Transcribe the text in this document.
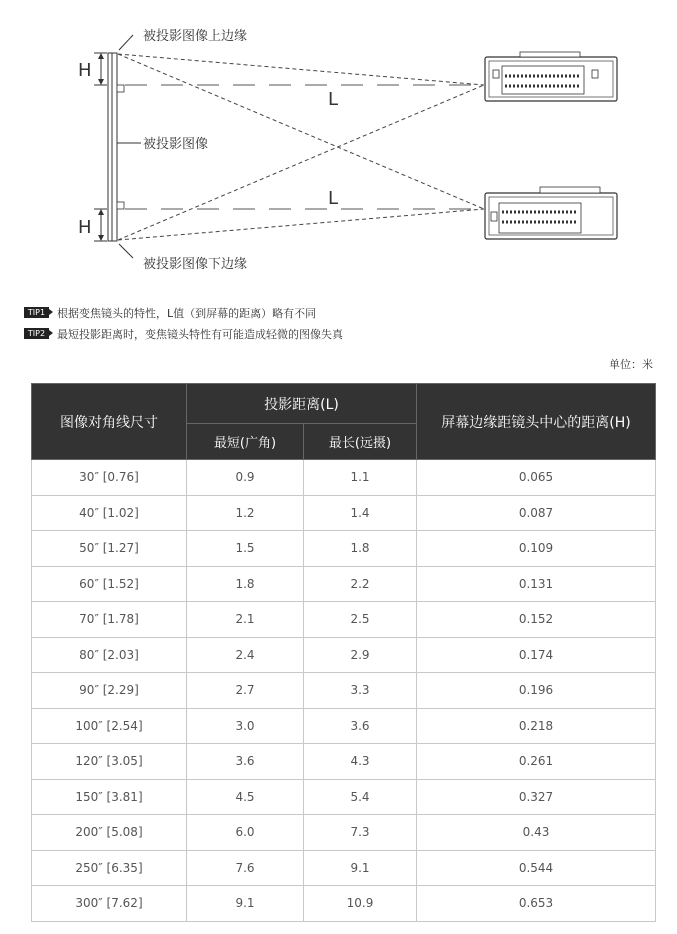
H
H
被投影图像上边缘
被投影图像
被投影图像下边缘
L
L
TIP1	根据变焦镜头的特性，L值（到屏幕的距离）略有不同
TIP2	最短投影距离时，变焦镜头特性有可能造成轻微的图像失真
单位：米
图像对角线尺寸	投影距离(L)		屏幕边缘距镜头中心的距离(H)
	最短(广角)	最长(远摄)	
30″ [0.76]	0.9	1.1	0.065
40″ [1.02]	1.2	1.4	0.087
50″ [1.27]	1.5	1.8	0.109
60″ [1.52]	1.8	2.2	0.131
70″ [1.78]	2.1	2.5	0.152
80″ [2.03]	2.4	2.9	0.174
90″ [2.29]	2.7	3.3	0.196
100″ [2.54]	3.0	3.6	0.218
120″ [3.05]	3.6	4.3	0.261
150″ [3.81]	4.5	5.4	0.327
200″ [5.08]	6.0	7.3	0.43
250″ [6.35]	7.6	9.1	0.544
300″ [7.62]	9.1	10.9	0.653
